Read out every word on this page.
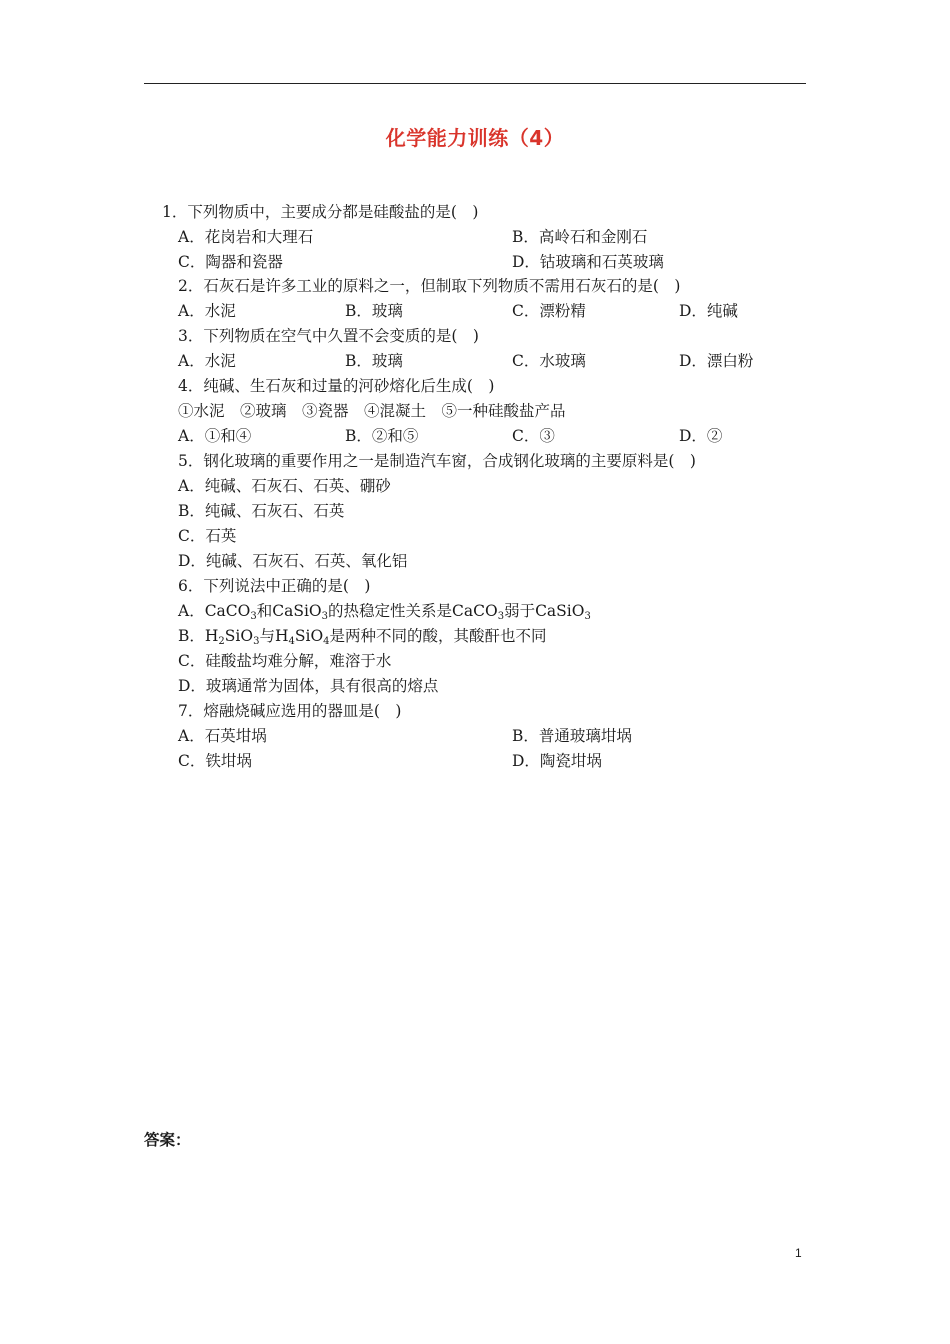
化学能力训练（4）
1．下列物质中，主要成分都是硅酸盐的是(　)
A．花岗岩和大理石	B．高岭石和金刚石
C．陶器和瓷器	D．钴玻璃和石英玻璃
2．石灰石是许多工业的原料之一，但制取下列物质不需用石灰石的是(　)
A．水泥	B．玻璃	C．漂粉精	D．纯碱
3．下列物质在空气中久置不会变质的是(　)
A．水泥	B．玻璃	C．水玻璃	D．漂白粉
4．纯碱、生石灰和过量的河砂熔化后生成(　)
①水泥　②玻璃　③瓷器　④混凝土　⑤一种硅酸盐产品
A．①和④	B．②和⑤	C．③	D．②
5．钢化玻璃的重要作用之一是制造汽车窗，合成钢化玻璃的主要原料是(　)
A．纯碱、石灰石、石英、硼砂
B．纯碱、石灰石、石英
C．石英
D．纯碱、石灰石、石英、氧化铝
6．下列说法中正确的是(　)
A．CaCO$_3$和CaSiO$_3$的热稳定性关系是CaCO$_3$弱于CaSiO$_3$
B．$H_2SiO_3$与$H_4SiO_4$是两种不同的酸，其酸酐也不同
C．硅酸盐均难分解，难溶于水
D．玻璃通常为固体，具有很高的熔点
7．熔融烧碱应选用的器皿是(　)
A．石英坩埚	B．普通玻璃坩埚
C．铁坩埚	D．陶瓷坩埚
答案：
1
